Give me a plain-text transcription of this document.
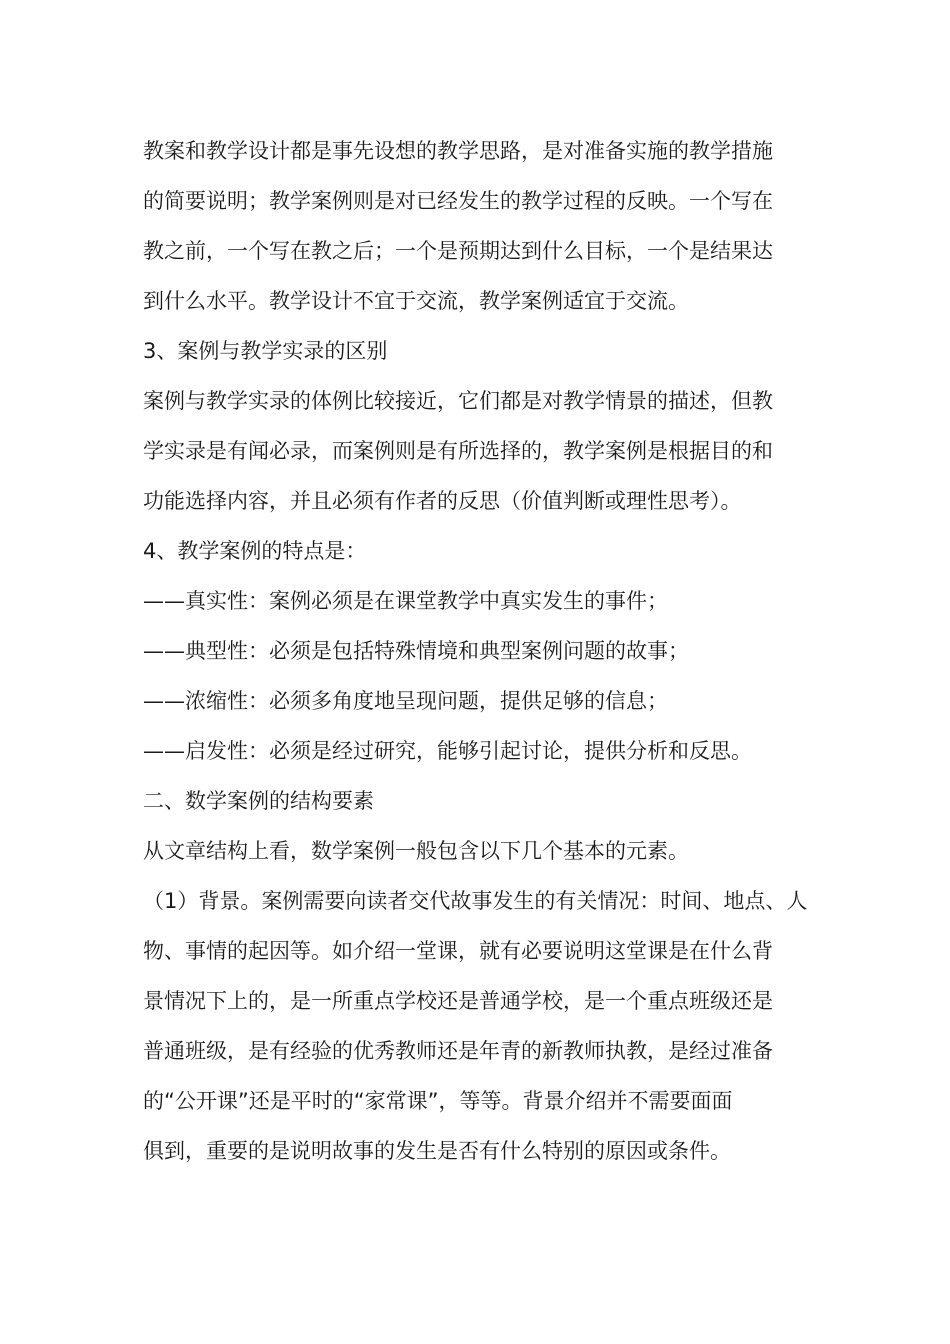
教案和教学设计都是事先设想的教学思路，是对准备实施的教学措施
的简要说明；教学案例则是对已经发生的教学过程的反映。一个写在
教之前，一个写在教之后；一个是预期达到什么目标，一个是结果达
到什么水平。教学设计不宜于交流，教学案例适宜于交流。
3、案例与教学实录的区别
案例与教学实录的体例比较接近，它们都是对教学情景的描述，但教
学实录是有闻必录，而案例则是有所选择的，教学案例是根据目的和
功能选择内容，并且必须有作者的反思（价值判断或理性思考）。
4、教学案例的特点是：
——真实性：案例必须是在课堂教学中真实发生的事件；
——典型性：必须是包括特殊情境和典型案例问题的故事；
——浓缩性：必须多角度地呈现问题，提供足够的信息；
——启发性：必须是经过研究，能够引起讨论，提供分析和反思。
二、数学案例的结构要素
从文章结构上看，数学案例一般包含以下几个基本的元素。
（1）背景。案例需要向读者交代故事发生的有关情况：时间、地点、人
物、事情的起因等。如介绍一堂课，就有必要说明这堂课是在什么背
景情况下上的，是一所重点学校还是普通学校，是一个重点班级还是
普通班级，是有经验的优秀教师还是年青的新教师执教，是经过准备
的“公开课”还是平时的“家常课”，等等。背景介绍并不需要面面
俱到，重要的是说明故事的发生是否有什么特别的原因或条件。
